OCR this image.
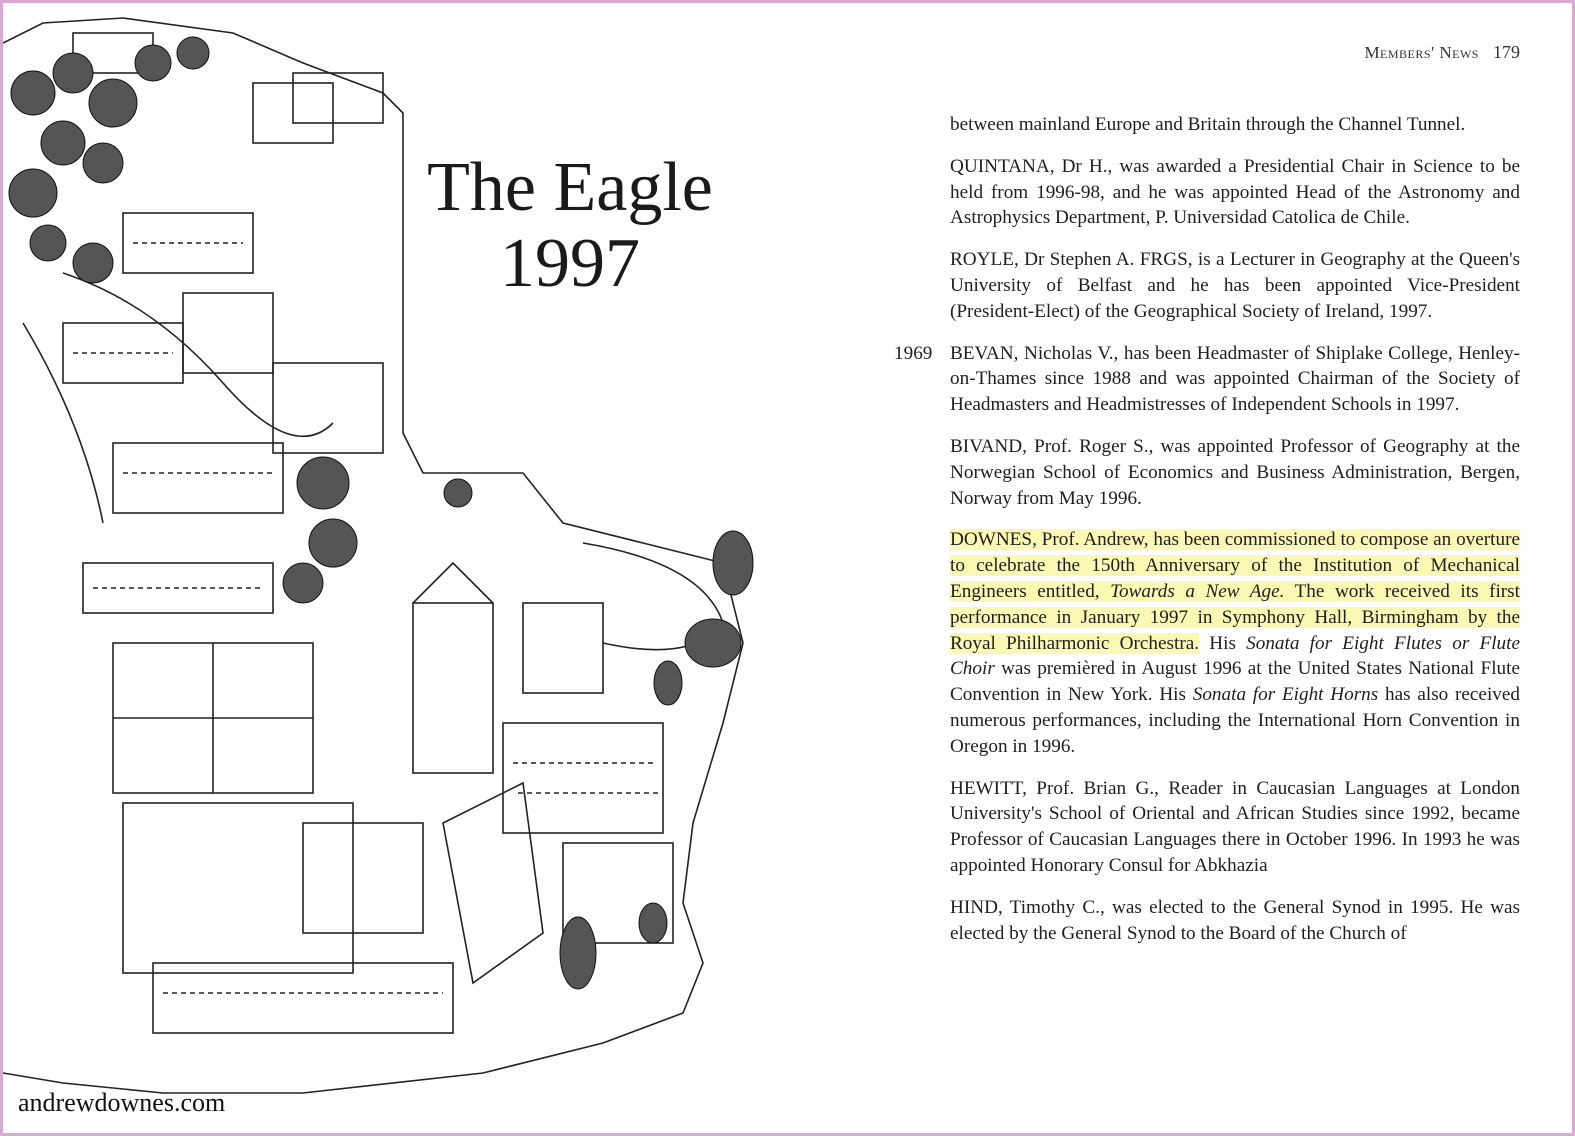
The Eagle
1997
andrewdownes.com
Members' News 179

between mainland Europe and Britain through the Channel Tunnel.

QUINTANA, Dr H., was awarded a Presidential Chair in Science to be held from 1996-98, and he was appointed Head of the Astronomy and Astrophysics Department, P. Universidad Catolica de Chile.

ROYLE, Dr Stephen A. FRGS, is a Lecturer in Geography at the Queen's University of Belfast and he has been appointed Vice-President (President-Elect) of the Geographical Society of Ireland, 1997.

1969 BEVAN, Nicholas V., has been Headmaster of Shiplake College, Henley-on-Thames since 1988 and was appointed Chairman of the Society of Headmasters and Headmistresses of Independent Schools in 1997.

BIVAND, Prof. Roger S., was appointed Professor of Geography at the Norwegian School of Economics and Business Administration, Bergen, Norway from May 1996.

DOWNES, Prof. Andrew, has been commissioned to compose an overture to celebrate the 150th Anniversary of the Institution of Mechanical Engineers entitled, Towards a New Age. The work received its first performance in January 1997 in Symphony Hall, Birmingham by the Royal Philharmonic Orchestra. His Sonata for Eight Flutes or Flute Choir was premièred in August 1996 at the United States National Flute Convention in New York. His Sonata for Eight Horns has also received numerous performances, including the International Horn Convention in Oregon in 1996.

HEWITT, Prof. Brian G., Reader in Caucasian Languages at London University's School of Oriental and African Studies since 1992, became Professor of Caucasian Languages there in October 1996. In 1993 he was appointed Honorary Consul for Abkhazia

HIND, Timothy C., was elected to the General Synod in 1995. He was elected by the General Synod to the Board of the Church of
